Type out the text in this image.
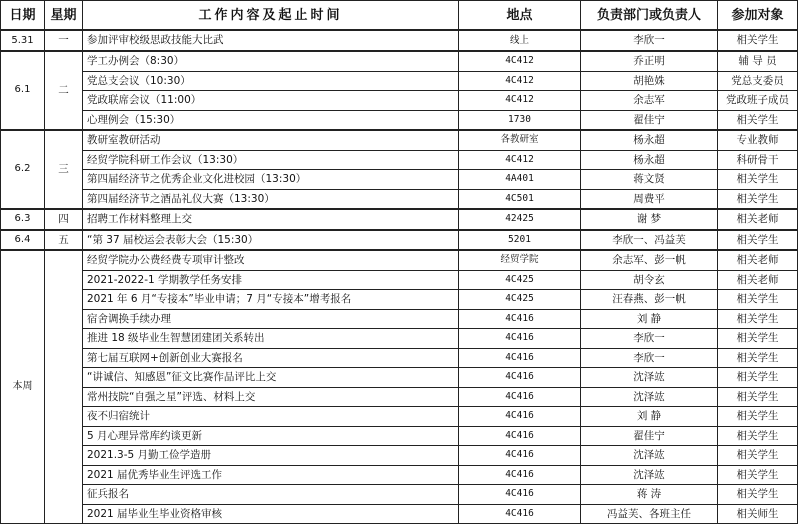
日期	星期	工作内容及起止时间	地点	负责部门或负责人	参加对象
5.31	一	参加评审校级思政技能大比武	线上	李欣一	相关学生
6.1	二	学工办例会（8:30）	4C412	乔正明	辅 导 员
		党总支会议（10:30）	4C412	胡艳姝	党总支委员
		党政联席会议（11:00）	4C412	余志军	党政班子成员
		心理例会（15:30）	1730	翟佳宁	相关学生
6.2	三	教研室教研活动	各教研室	杨永超	专业教师
		经贸学院科研工作会议（13:30）	4C412	杨永超	科研骨干
		第四届经济节之优秀企业文化进校园（13:30）	4A401	蒋文贤	相关学生
		第四届经济节之酒品礼仪大赛（13:30）	4C501	周费平	相关学生
6.3	四	招聘工作材料整理上交	42425	谢 梦	相关老师
6.4	五	“第 37 届校运会表彰大会（15:30）	5201	李欣一、冯益芙	相关学生
本周		经贸学院办公费经费专项审计整改	经贸学院	余志军、彭一帆	相关老师
		2021-2022-1 学期教学任务安排	4C425	胡令玄	相关老师
		2021 年 6 月“专接本”毕业申请；7 月“专接本”增考报名	4C425	汪春燕、彭一帆	相关学生
		宿舍调换手续办理	4C416	刘 静	相关学生
		推进 18 级毕业生智慧团建团关系转出	4C416	李欣一	相关学生
		第七届互联网+创新创业大赛报名	4C416	李欣一	相关学生
		“讲诚信、知感恩”征文比赛作品评比上交	4C416	沈泽竑	相关学生
		常州技院“自强之星”评选、材料上交	4C416	沈泽竑	相关学生
		夜不归宿统计	4C416	刘 静	相关学生
		5 月心理异常库约谈更新	4C416	翟佳宁	相关学生
		2021.3-5 月勤工俭学造册	4C416	沈泽竑	相关学生
		2021 届优秀毕业生评选工作	4C416	沈泽竑	相关学生
		征兵报名	4C416	蒋 涛	相关学生
		2021 届毕业生毕业资格审核	4C416	冯益芙、各班主任	相关师生
